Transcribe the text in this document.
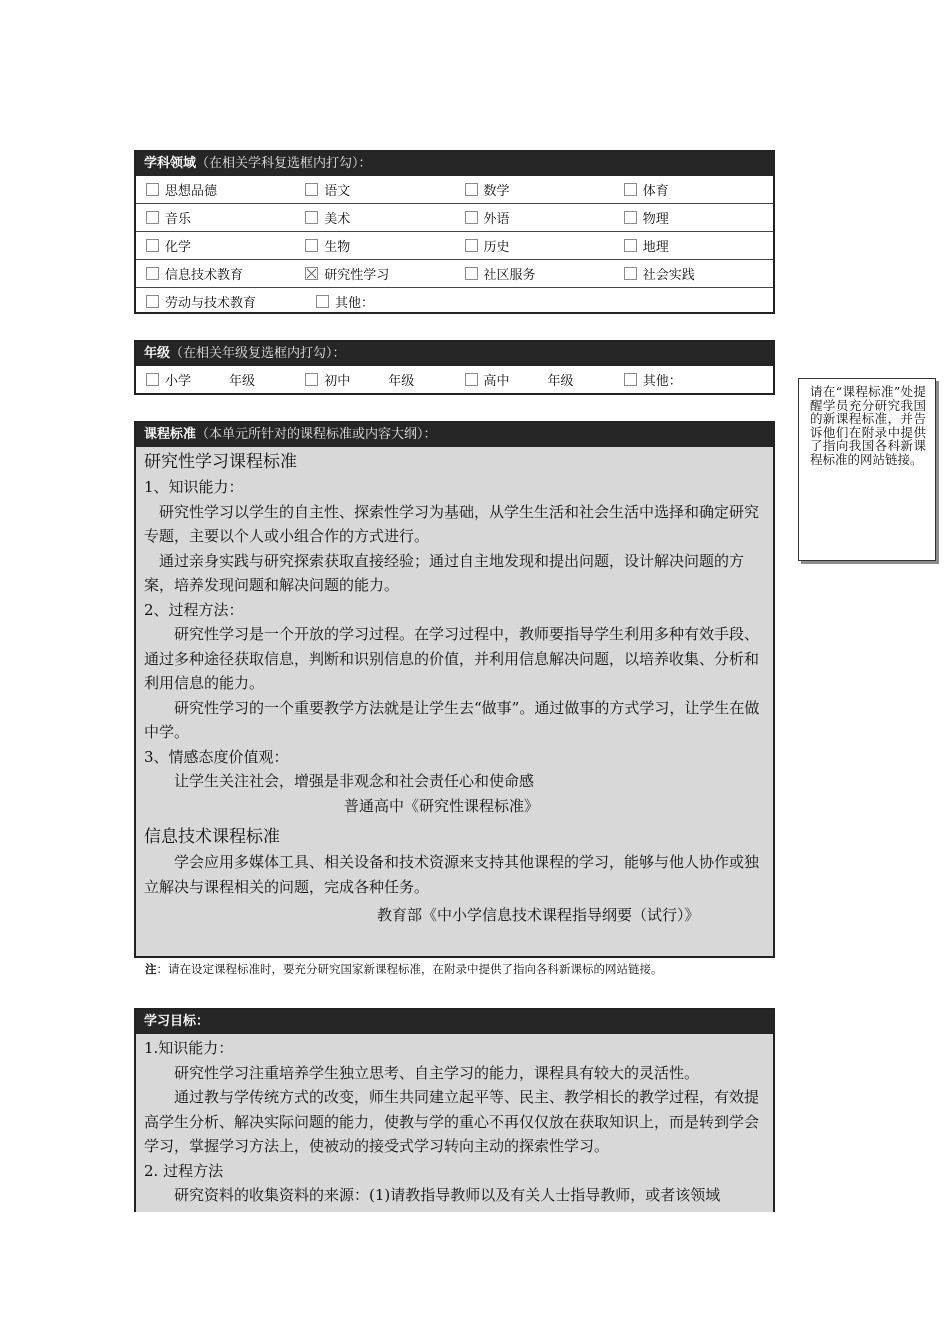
学科领域（在相关学科复选框内打勾）：
思想品德	语文	数学	体育
音乐	美术	外语	物理
化学	生物	历史	地理
信息技术教育	研究性学习	社区服务	社会实践
劳动与技术教育	其他：
年级（在相关年级复选框内打勾）：
小学	年级	初中	年级	高中	年级	其他：
课程标准（本单元所针对的课程标准或内容大纲）：
研究性学习课程标准

1、知识能力：

研究性学习以学生的自主性、探索性学习为基础，从学生生活和社会生活中选择和确定研究专题，主要以个人或小组合作的方式进行。

通过亲身实践与研究探索获取直接经验；通过自主地发现和提出问题，设计解决问题的方案，培养发现问题和解决问题的能力。

2、过程方法：

研究性学习是一个开放的学习过程。在学习过程中，教师要指导学生利用多种有效手段、通过多种途径获取信息，判断和识别信息的价值，并利用信息解决问题，以培养收集、分析和利用信息的能力。

研究性学习的一个重要教学方法就是让学生去“做事”。通过做事的方式学习，让学生在做中学。

3、情感态度价值观：

让学生关注社会，增强是非观念和社会责任心和使命感

普通高中《研究性课程标准》

信息技术课程标准

学会应用多媒体工具、相关设备和技术资源来支持其他课程的学习，能够与他人协作或独立解决与课程相关的问题，完成各种任务。

教育部《中小学信息技术课程指导纲要（试行）》

注：请在设定课程标准时，要充分研究国家新课程标准，在附录中提供了指向各科新课标的网站链接。
学习目标：

1.知识能力：

研究性学习注重培养学生独立思考、自主学习的能力，课程具有较大的灵活性。

通过教与学传统方式的改变，师生共同建立起平等、民主、教学相长的教学过程，有效提高学生分析、解决实际问题的能力，使教与学的重心不再仅仅放在获取知识上，而是转到学会学习，掌握学习方法上，使被动的接受式学习转向主动的探索性学习。

2. 过程方法

研究资料的收集资料的来源：(1)请教指导教师以及有关人士指导教师，或者该领域

请在“课程标准”处提醒学员充分研究我国的新课程标准，并告诉他们在附录中提供了指向我国各科新课程标准的网站链接。
